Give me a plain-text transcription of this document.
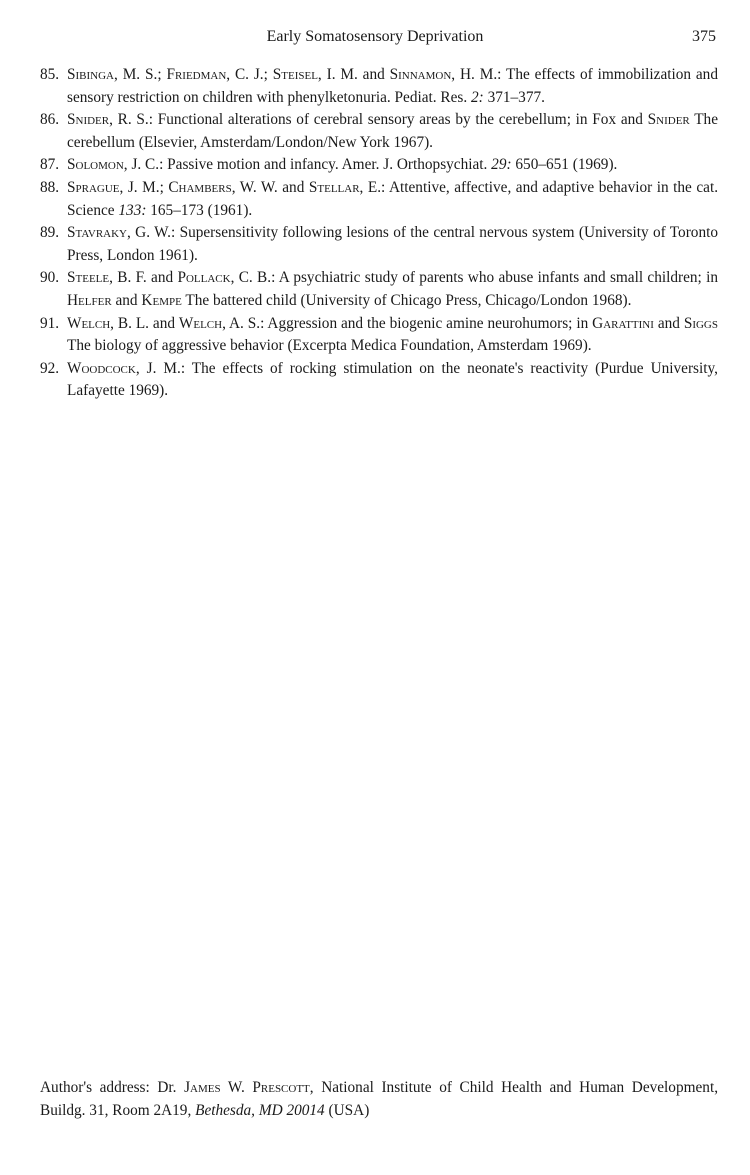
Early Somatosensory Deprivation	375
85. Sibinga, M. S.; Friedman, C. J.; Steisel, I. M. and Sinnamon, H. M.: The effects of immobilization and sensory restriction on children with phenylketonuria. Pediat. Res. 2: 371–377.
86. Snider, R. S.: Functional alterations of cerebral sensory areas by the cerebellum; in Fox and Snider The cerebellum (Elsevier, Amsterdam/London/New York 1967).
87. Solomon, J. C.: Passive motion and infancy. Amer. J. Orthopsychiat. 29: 650–651 (1969).
88. Sprague, J. M.; Chambers, W. W. and Stellar, E.: Attentive, affective, and adaptive behavior in the cat. Science 133: 165–173 (1961).
89. Stavraky, G. W.: Supersensitivity following lesions of the central nervous system (University of Toronto Press, London 1961).
90. Steele, B. F. and Pollack, C. B.: A psychiatric study of parents who abuse infants and small children; in Helfer and Kempe The battered child (University of Chicago Press, Chicago/London 1968).
91. Welch, B. L. and Welch, A. S.: Aggression and the biogenic amine neurohumors; in Garattini and Siggs The biology of aggressive behavior (Excerpta Medica Foundation, Amsterdam 1969).
92. Woodcock, J. M.: The effects of rocking stimulation on the neonate's reactivity (Purdue University, Lafayette 1969).
Author's address: Dr. James W. Prescott, National Institute of Child Health and Human Development, Buildg. 31, Room 2A19, Bethesda, MD 20014 (USA)
